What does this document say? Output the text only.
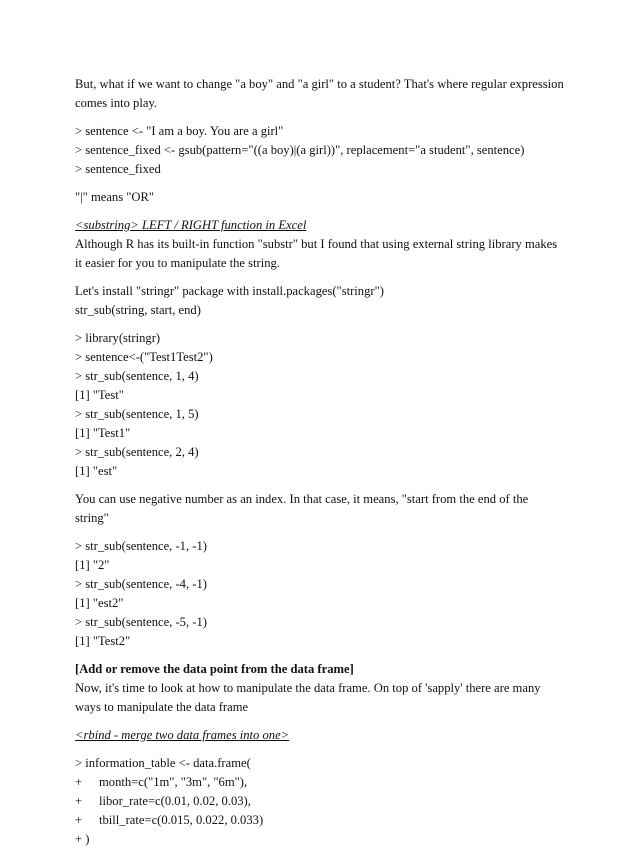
But, what if we want to change "a boy" and "a girl" to a student? That's where regular expression
comes into play.
> sentence <- "I am a boy. You are a girl"
> sentence_fixed <- gsub(pattern="((a boy)|(a girl))", replacement="a student", sentence)
> sentence_fixed
"|" means "OR"
<substring> LEFT / RIGHT function in Excel
Although R has its built-in function "substr" but I found that using external string library makes
it easier for you to manipulate the string.
Let's install "stringr" package with install.packages("stringr")
str_sub(string, start, end)
> library(stringr)
> sentence<-("Test1Test2")
> str_sub(sentence, 1, 4)
[1] "Test"
> str_sub(sentence, 1, 5)
[1] "Test1"
> str_sub(sentence, 2, 4)
[1] "est"
You can use negative number as an index. In that case, it means, "start from the end of the
string"
> str_sub(sentence, -1, -1)
[1] "2"
> str_sub(sentence, -4, -1)
[1] "est2"
> str_sub(sentence, -5, -1)
[1] "Test2"
[Add or remove the data point from the data frame]
Now, it's time to look at how to manipulate the data frame. On top of 'sapply' there are many
ways to manipulate the data frame
<rbind - merge two data frames into one>
> information_table <- data.frame(
+ month=c("1m", "3m", "6m"),
+ libor_rate=c(0.01, 0.02, 0.03),
+ tbill_rate=c(0.015, 0.022, 0.033)
+ )
